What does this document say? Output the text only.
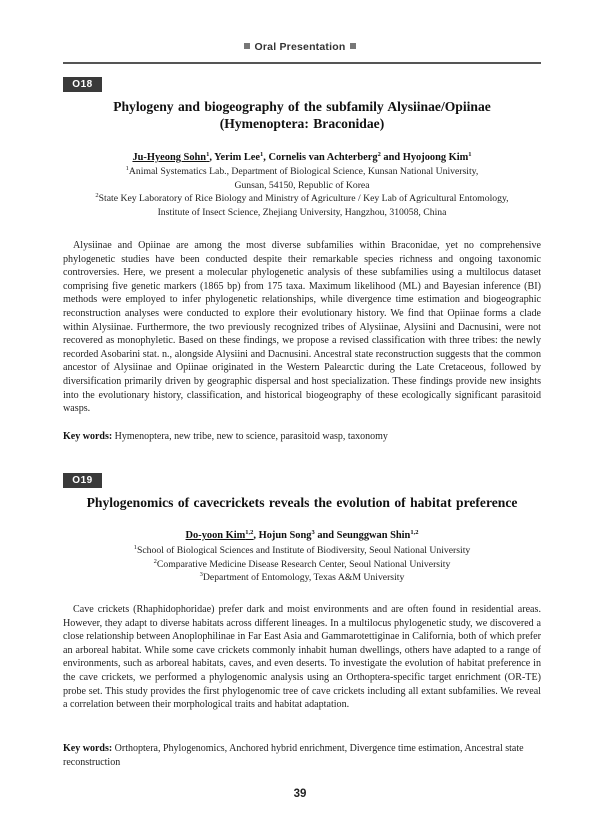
Oral Presentation
O18
Phylogeny and biogeography of the subfamily Alysiinae/Opiinae
(Hymenoptera: Braconidae)
Ju-Hyeong Sohn$^1$, Yerim Lee$^1$, Cornelis van Achterberg$^2$ and Hyojoong Kim$^1$
$^1$Animal Systematics Lab., Department of Biological Science, Kunsan National University,
Gunsan, 54150, Republic of Korea
$^2$State Key Laboratory of Rice Biology and Ministry of Agriculture / Key Lab of Agricultural Entomology,
Institute of Insect Science, Zhejiang University, Hangzhou, 310058, China

Alysiinae and Opiinae are among the most diverse subfamilies within Braconidae, yet no comprehensive phylogenetic studies have been conducted despite their remarkable species richness and ongoing taxonomic controversies. Here, we present a molecular phylogenetic analysis of these subfamilies using a multilocus dataset comprising five genetic markers (1865 bp) from 175 taxa. Maximum likelihood (ML) and Bayesian inference (BI) methods were employed to infer phylogenetic relationships, while divergence time estimation and biogeographic reconstruction analyses were conducted to explore their evolutionary history. We find that Opiinae forms a clade within Alysiinae. Furthermore, the two previously recognized tribes of Alysiinae, Alysiini and Dacnusini, were not recovered as monophyletic. Based on these findings, we propose a revised classification with three tribes: the newly recorded Asobarini stat. n., alongside Alysiini and Dacnusini. Ancestral state reconstruction suggests that the common ancestor of Alysiinae and Opiinae originated in the Western Palearctic during the Late Cretaceous, followed by diversification primarily driven by geographic dispersal and host specialization. These findings provide new insights into the evolutionary history, classification, and historical biogeography of these ecologically significant parasitoid wasps.

Key words: Hymenoptera, new tribe, new to science, parasitoid wasp, taxonomy
O19
Phylogenomics of cavecrickets reveals the evolution of habitat preference
Do-yoon Kim$^{1,2}$, Hojun Song$^3$ and Seunggwan Shin$^{1,2}$
$^1$School of Biological Sciences and Institute of Biodiversity, Seoul National University
$^2$Comparative Medicine Disease Research Center, Seoul National University
$^3$Department of Entomology, Texas A&M University

Cave crickets (Rhaphidophoridae) prefer dark and moist environments and are often found in residential areas. However, they adapt to diverse habitats across different lineages. In a multilocus phylogenetic study, we discovered a close relationship between Anoplophilinae in Far East Asia and Gammarotettiginae in California, both of which prefer an arboreal habitat. While some cave crickets commonly inhabit human dwellings, others have adapted to a range of environments, such as arboreal habitats, caves, and even deserts. To investigate the evolution of habitat preference in the cave crickets, we performed a phylogenomic analysis using an Orthoptera-specific target enrichment (OR-TE) probe set. This study provides the first phylogenomic tree of cave crickets including all extant subfamilies. We reveal a correlation between their morphological traits and habitat adaptation.

Key words: Orthoptera, Phylogenomics, Anchored hybrid enrichment, Divergence time estimation, Ancestral state reconstruction
39
